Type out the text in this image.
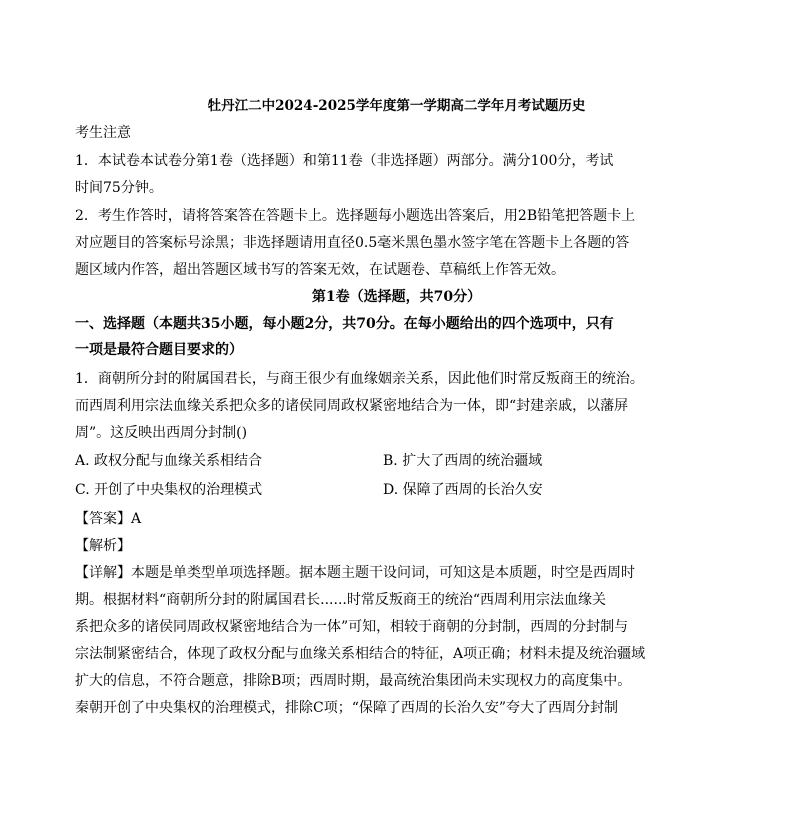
牡丹江二中2024-2025学年度第一学期高二学年月考试题历史
考生注意
1．本试卷本试卷分第1卷（选择题）和第11卷（非选择题）两部分。满分100分，考试
时间75分钟。
2．考生作答时，请将答案答在答题卡上。选择题每小题选出答案后，用2B铅笔把答题卡上
对应题目的答案标号涂黑；非选择题请用直径0.5毫米黑色墨水签字笔在答题卡上各题的答
题区域内作答，超出答题区域书写的答案无效，在试题卷、草稿纸上作答无效。
第1卷（选择题，共70分）
一、选择题（本题共35小题，每小题2分，共70分。在每小题给出的四个选项中，只有
一项是最符合题目要求的）
1．商朝所分封的附属国君长，与商王很少有血缘姻亲关系，因此他们时常反叛商王的统治。
而西周利用宗法血缘关系把众多的诸侯同周政权紧密地结合为一体，即“封建亲戚，以藩屏
周”。这反映出西周分封制()
A. 政权分配与血缘关系相结合	B. 扩大了西周的统治疆域
C. 开创了中央集权的治理模式	D. 保障了西周的长治久安
【答案】A
【解析】
【详解】本题是单类型单项选择题。据本题主题干设问词，可知这是本质题，时空是西周时
期。根据材料“商朝所分封的附属国君长......时常反叛商王的统治“西周利用宗法血缘关
系把众多的诸侯同周政权紧密地结合为一体”可知，相较于商朝的分封制，西周的分封制与
宗法制紧密结合，体现了政权分配与血缘关系相结合的特征，A项正确；材料未提及统治疆域
扩大的信息，不符合题意，排除B项；西周时期，最高统治集团尚未实现权力的高度集中。
秦朝开创了中央集权的治理模式，排除C项；“保障了西周的长治久安”夸大了西周分封制
